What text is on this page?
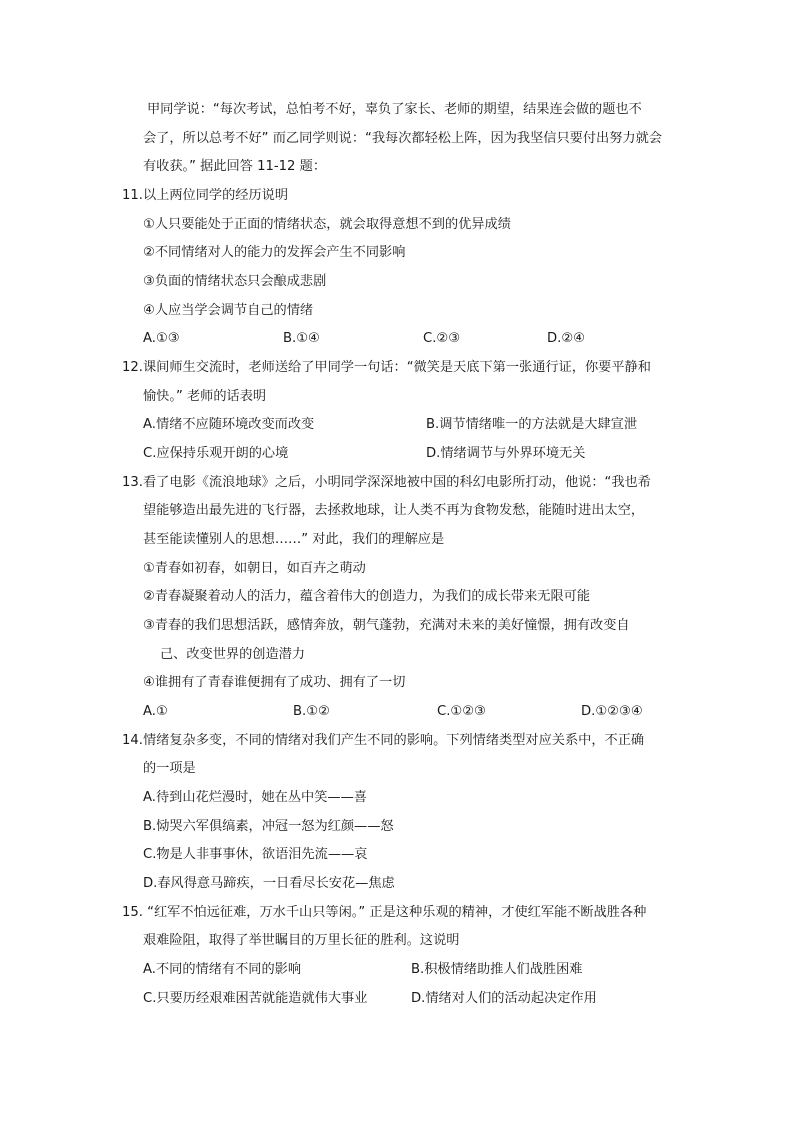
甲同学说：“每次考试，总怕考不好，辜负了家长、老师的期望，结果连会做的题也不
会了，所以总考不好” 而乙同学则说：“我每次都轻松上阵，因为我坚信只要付出努力就会
有收获。” 据此回答 11-12 题：
11.以上两位同学的经历说明
①人只要能处于正面的情绪状态，就会取得意想不到的优异成绩
②不同情绪对人的能力的发挥会产生不同影响
③负面的情绪状态只会酿成悲剧
④人应当学会调节自己的情绪
A.①③	B.①④	C.②③	D.②④
12.课间师生交流时，老师送给了甲同学一句话：“微笑是天底下第一张通行证，你要平静和
愉快。” 老师的话表明
A.情绪不应随环境改变而改变	B.调节情绪唯一的方法就是大肆宣泄
C.应保持乐观开朗的心境	D.情绪调节与外界环境无关
13.看了电影《流浪地球》之后，小明同学深深地被中国的科幻电影所打动，他说：“我也希
望能够造出最先进的飞行器，去拯救地球，让人类不再为食物发愁，能随时进出太空，
甚至能读懂别人的思想……” 对此，我们的理解应是
①青春如初春，如朝日，如百卉之萌动
②青春凝聚着动人的活力，蕴含着伟大的创造力，为我们的成长带来无限可能
③青春的我们思想活跃，感情奔放，朝气蓬勃，充满对未来的美好憧憬，拥有改变自
己、改变世界的创造潜力
④谁拥有了青春谁便拥有了成功、拥有了一切
A.①	B.①②	C.①②③	D.①②③④
14.情绪复杂多变，不同的情绪对我们产生不同的影响。下列情绪类型对应关系中，不正确
的一项是
A.待到山花烂漫时，她在丛中笑——喜
B.恸哭六军俱缟素，冲冠一怒为红颜——怒
C.物是人非事事休，欲语泪先流——哀
D.春风得意马蹄疾，一日看尽长安花—焦虑
15. “红军不怕远征难，万水千山只等闲。” 正是这种乐观的精神，才使红军能不断战胜各种
艰难险阻，取得了举世瞩目的万里长征的胜利。这说明
A.不同的情绪有不同的影响	B.积极情绪助推人们战胜困难
C.只要历经艰难困苦就能造就伟大事业	D.情绪对人们的活动起决定作用
